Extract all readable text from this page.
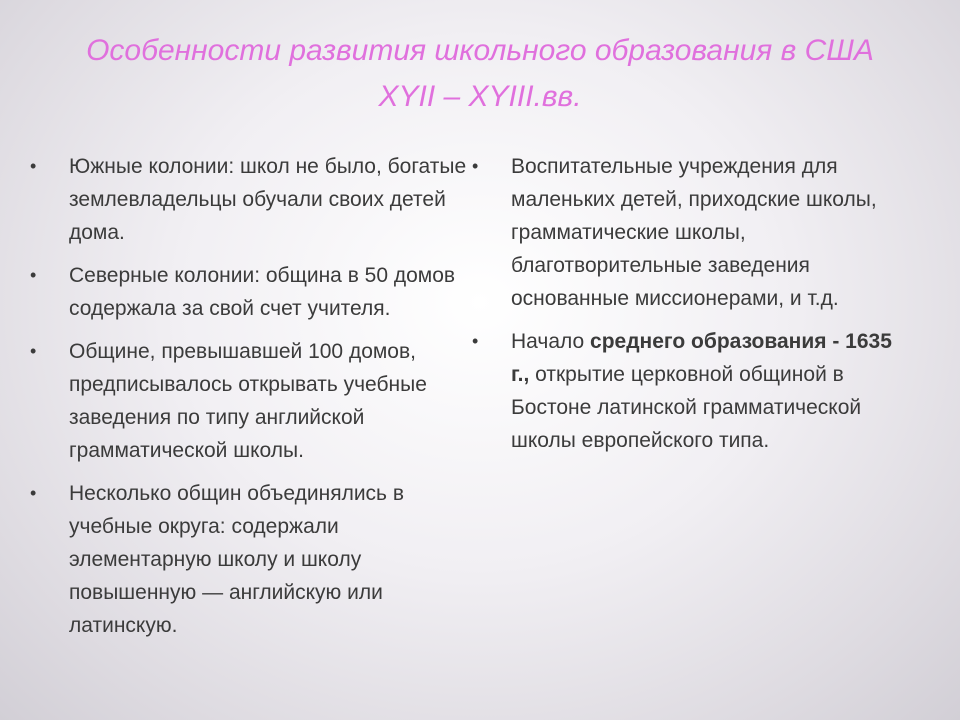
Особенности развития школьного образования в США
XYII – XYIII.вв.
• Южные колонии: школ не было, богатые землевладельцы обучали своих детей дома.
• Северные колонии: община в 50 домов содержала за свой счет учителя.
• Общине, превышавшей 100 домов, предписывалось открывать учебные заведения по типу английской грамматической школы.
• Несколько общин объединялись в учебные округа: содержали элементарную школу и школу повышенную — английскую или латинскую.
• Воспитательные учреждения для маленьких детей, приходские школы, грамматические школы, благотворительные заведения основанные миссионерами, и т.д.
• Начало среднего образования - 1635 г., открытие церковной общиной в Бостоне латинской грамматической школы европейского типа.
